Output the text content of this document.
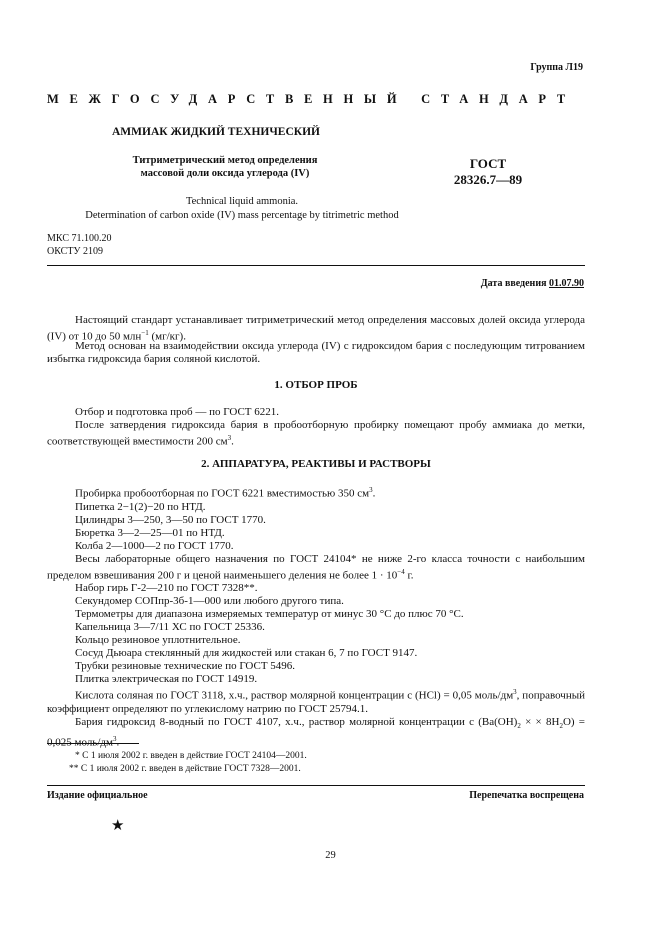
Группа Л19
МЕЖГОСУДАРСТВЕННЫЙ СТАНДАРТ
АММИАК ЖИДКИЙ ТЕХНИЧЕСКИЙ
Титриметрический метод определения
массовой доли оксида углерода (IV)
ГОСТ
28326.7—89
Technical liquid ammonia.
Determination of carbon oxide (IV) mass percentage by titrimetric method
МКС 71.100.20
ОКСТУ 2109
Дата введения 01.07.90
Настоящий стандарт устанавливает титриметрический метод определения массовых долей оксида углерода (IV) от 10 до 50 млн$^{-1}$ (мг/кг).
Метод основан на взаимодействии оксида углерода (IV) с гидроксидом бария с последующим титрованием избытка гидроксида бария соляной кислотой.
1. ОТБОР ПРОБ
Отбор и подготовка проб — по ГОСТ 6221.
После затвердения гидроксида бария в пробоотборную пробирку помещают пробу аммиака до метки, соответствующей вместимости 200 $см^3$.
2. АППАРАТУРА, РЕАКТИВЫ И РАСТВОРЫ
Пробирка пробоотборная по ГОСТ 6221 вместимостью 350 $см^3$.
Пипетка 2−1(2)−20 по НТД.
Цилиндры 3—250, 3—50 по ГОСТ 1770.
Бюретка 3—2—25—01 по НТД.
Колба 2—1000—2 по ГОСТ 1770.
Весы лабораторные общего назначения по ГОСТ 24104* не ниже 2-го класса точности с наибольшим пределом взвешивания 200 г и ценой наименьшего деления не более $1 \cdot 10^{-4}$ г.
Набор гирь Г-2—210 по ГОСТ 7328**.
Секундомер СОПпр-3б-1—000 или любого другого типа.
Термометры для диапазона измеряемых температур от минус 30 °С до плюс 70 °С.
Капельница 3—7/11 ХС по ГОСТ 25336.
Кольцо резиновое уплотнительное.
Сосуд Дьюара стеклянный для жидкостей или стакан 6, 7 по ГОСТ 9147.
Трубки резиновые технические по ГОСТ 5496.
Плитка электрическая по ГОСТ 14919.
Кислота соляная по ГОСТ 3118, х.ч., раствор молярной концентрации c (HCl) = 0,05 моль/$дм^3$, поправочный коэффициент определяют по углекислому натрию по ГОСТ 25794.1.
Бария гидроксид 8-водный по ГОСТ 4107, х.ч., раствор молярной концентрации c ($Ba(OH)_2$ × × $8H_2O) = 0,025$ моль/$дм^3$.
* С 1 июля 2002 г. введен в действие ГОСТ 24104—2001.
** С 1 июля 2002 г. введен в действие ГОСТ 7328—2001.
Издание официальное	Перепечатка воспрещена
★
29
